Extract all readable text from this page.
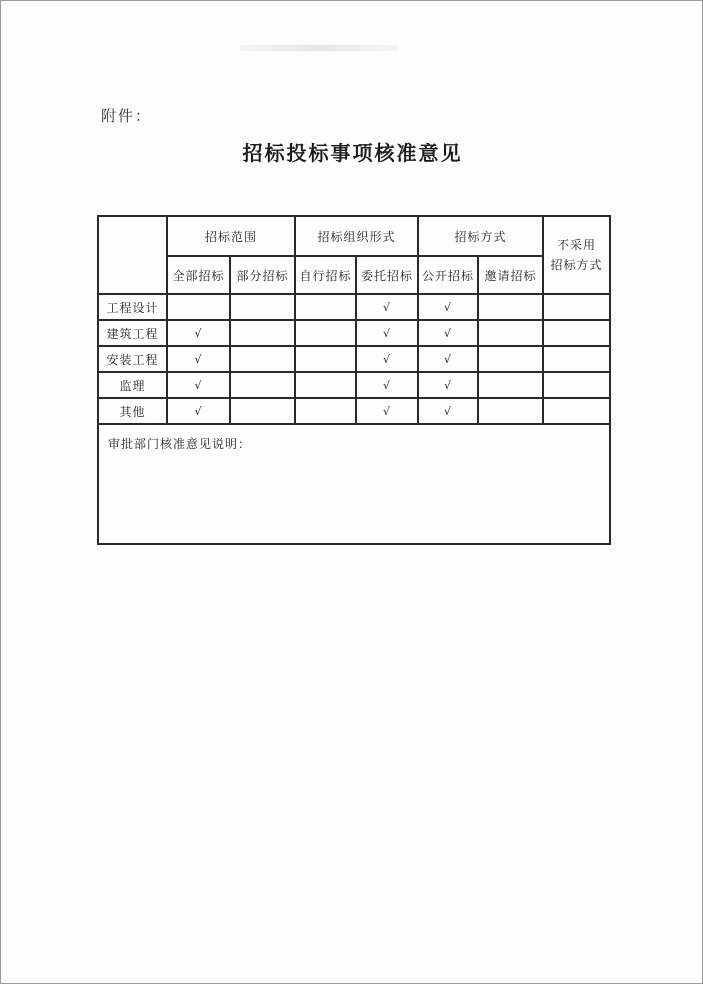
附件：
招标投标事项核准意见
	招标范围		招标组织形式		招标方式		不采用
招标方式

	全部招标	部分招标	自行招标	委托招标	公开招标	邀请招标	
工程设计				√	√		
建筑工程	√			√	√		
安装工程	√			√	√		
监理	√			√	√		
其他	√			√	√		
审批部门核准意见说明：							
